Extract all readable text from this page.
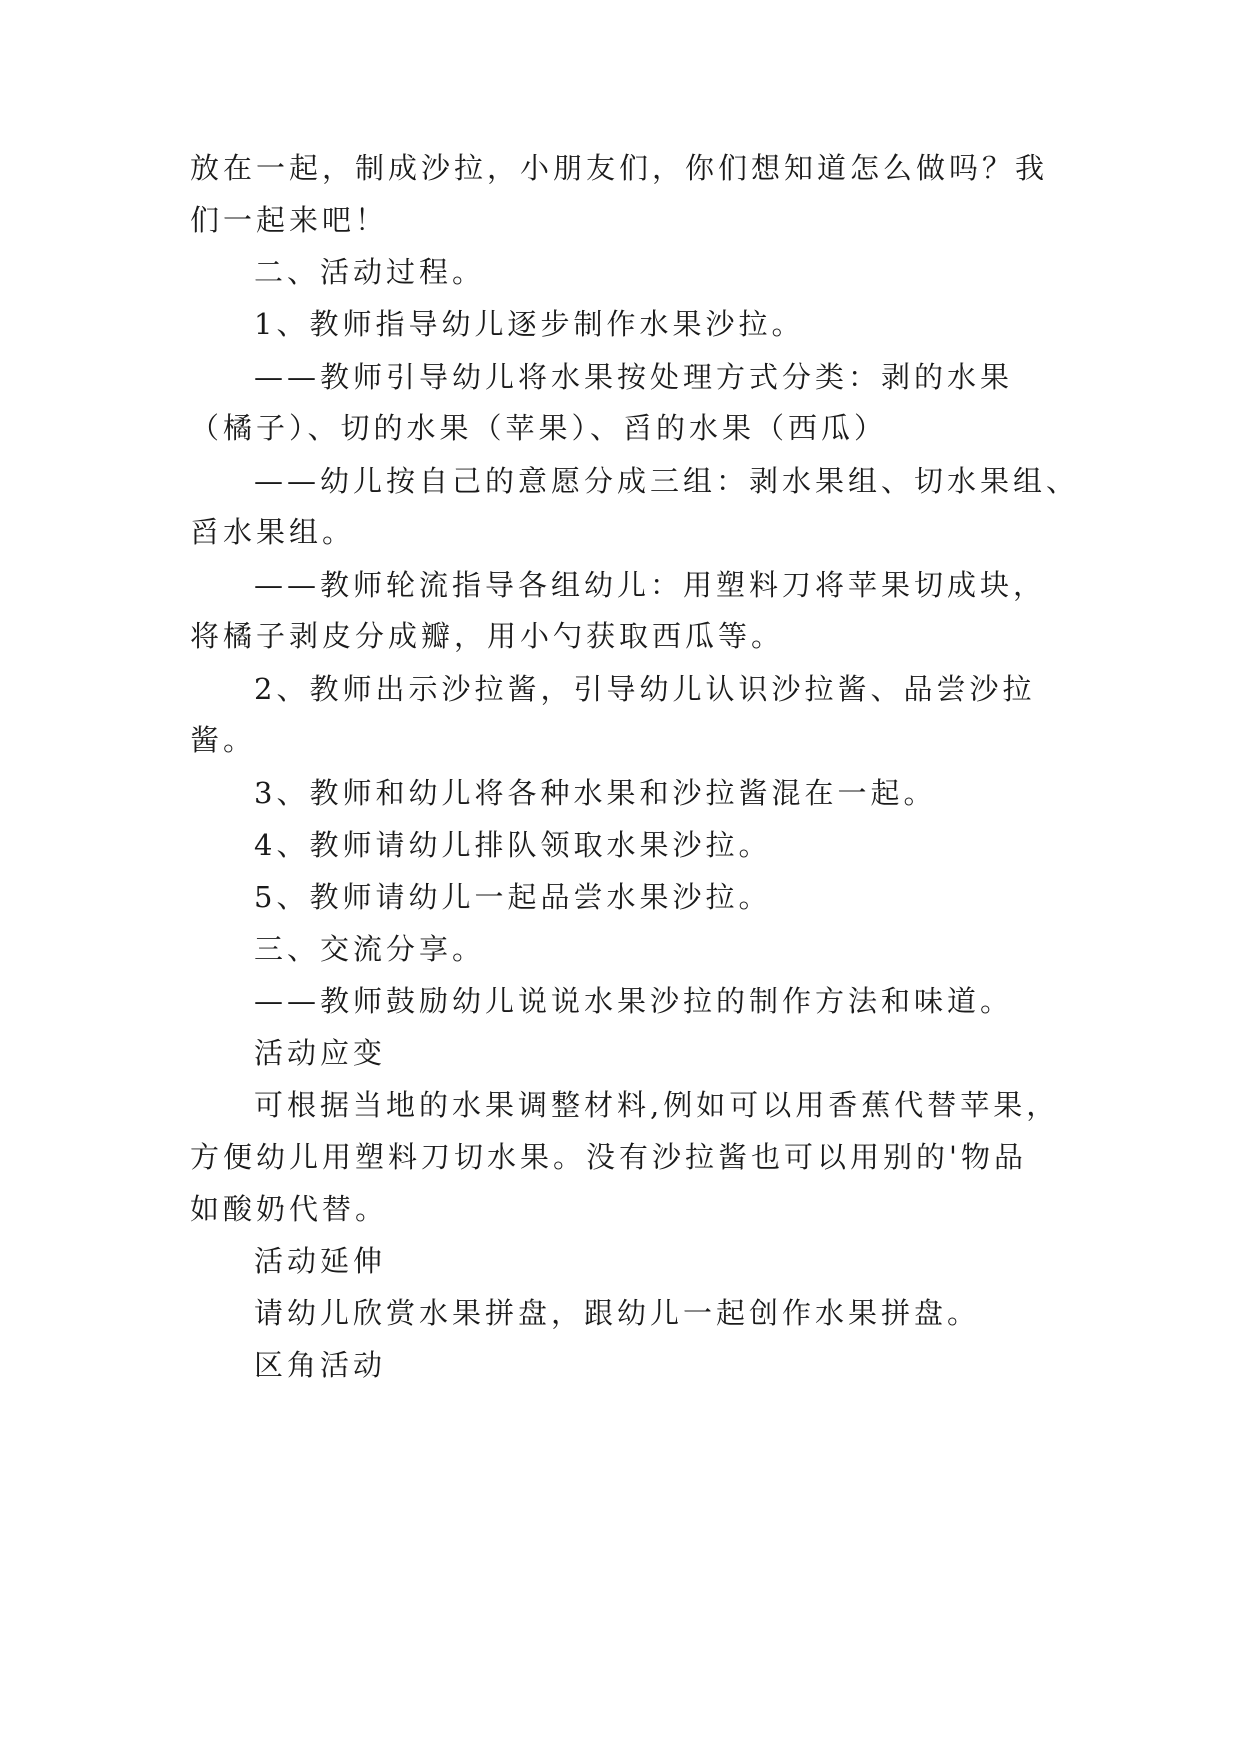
放在一起，制成沙拉，小朋友们，你们想知道怎么做吗？我
们一起来吧！
二、活动过程。
1、教师指导幼儿逐步制作水果沙拉。
——教师引导幼儿将水果按处理方式分类：剥的水果
（橘子）、切的水果（苹果）、舀的水果（西瓜）
——幼儿按自己的意愿分成三组：剥水果组、切水果组、
舀水果组。
——教师轮流指导各组幼儿：用塑料刀将苹果切成块，
将橘子剥皮分成瓣，用小勺获取西瓜等。
2、教师出示沙拉酱，引导幼儿认识沙拉酱、品尝沙拉
酱。
3、教师和幼儿将各种水果和沙拉酱混在一起。
4、教师请幼儿排队领取水果沙拉。
5、教师请幼儿一起品尝水果沙拉。
三、交流分享。
——教师鼓励幼儿说说水果沙拉的制作方法和味道。
活动应变
可根据当地的水果调整材料,例如可以用香蕉代替苹果，
方便幼儿用塑料刀切水果。没有沙拉酱也可以用别的'物品
如酸奶代替。
活动延伸
请幼儿欣赏水果拼盘，跟幼儿一起创作水果拼盘。
区角活动
